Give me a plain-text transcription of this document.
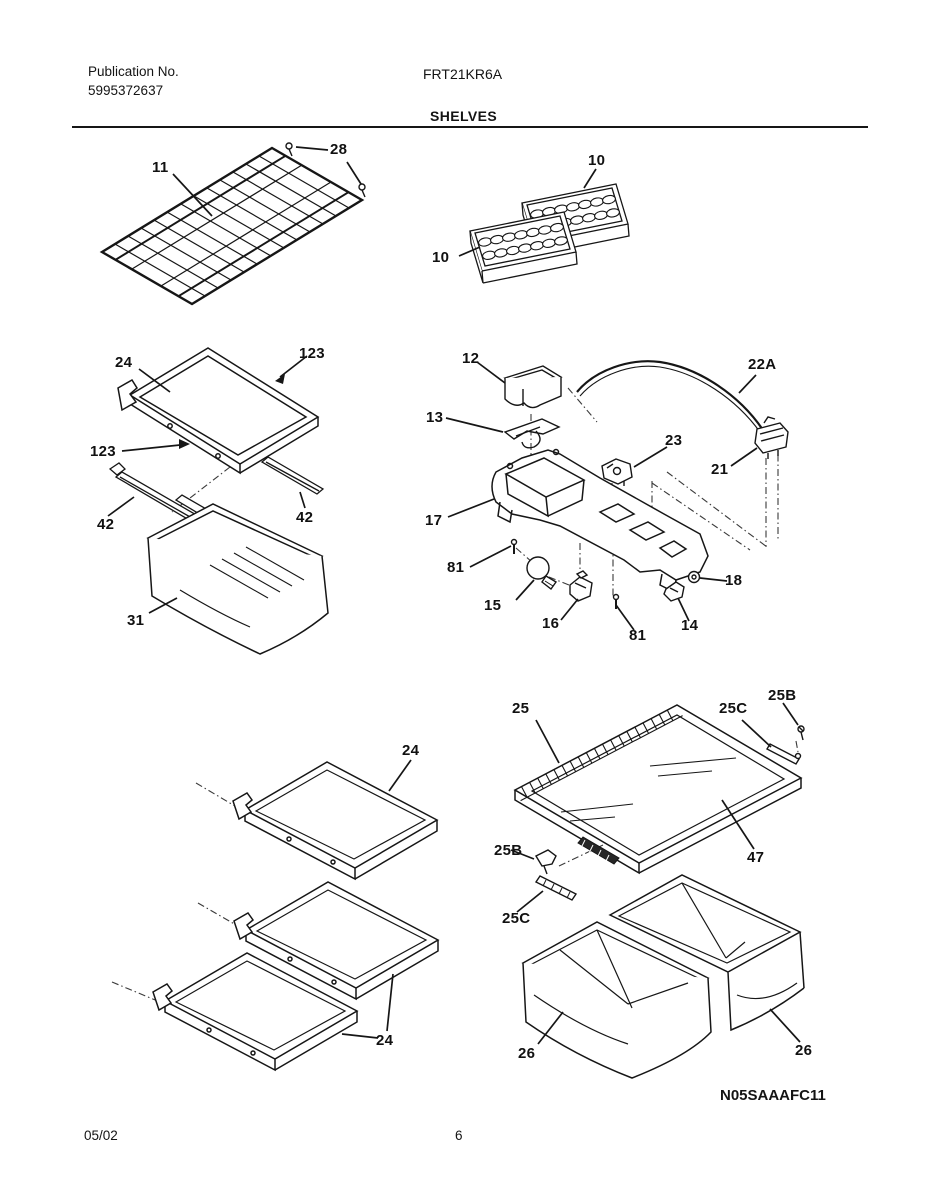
Publication No.
5995372637
FRT21KR6A
SHELVES
11
28
10
10
24
123
123
42	42
31
12
13
22A
23
21
17
81
15
16
81
14
18
25	25C
25B
47
25B
25C
24
24
26	26
N05SAAAFC11
05/02	6
